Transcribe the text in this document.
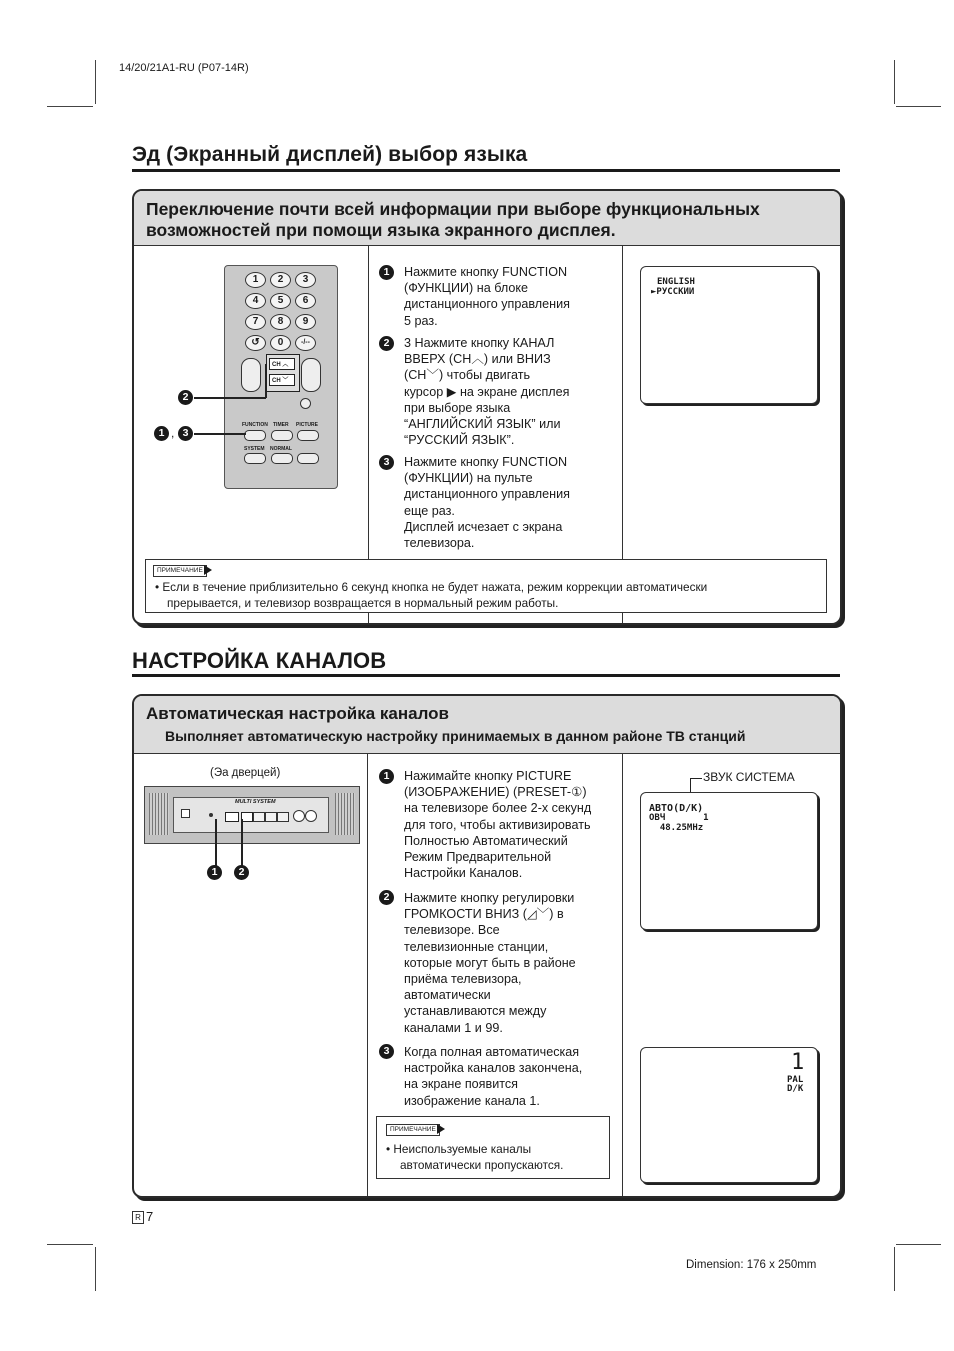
14/20/21A1-RU (P07-14R)
Эд (Экранный дисплей) выбор языка
Переключение почти всей информации при выборе функциональных
возможностей при помощи языка экранного дисплея.
1	2	3
4	5	6
7	8	9
↺	0	-/--
CH ︿
CH ﹀
FUNCTION TIMER PICTURE
SYSTEM NORMAL
2
1 , 3
1	Нажмите кнопку FUNCTION
(ФУНКЦИИ) на блоке
дистанционного управления
5 раз.
2	3 Нажмите кнопку КАНАЛ
ВВЕРХ (CH︿) или ВНИЗ
(CH﹀) чтобы двигать
курсор ▶ на экране дисплея
при выборе языка
“АНГЛИЙСКИЙ ЯЗЫК” или
“РУССКИЙ ЯЗЫК”.
3	Нажмите кнопку FUNCTION
(ФУНКЦИИ) на пульте
дистанционного управления
еще раз.
Дисплей исчезает с экрана
телевизора.
ENGLISH
►РУССКИИ
ПРИМЕЧАНИЕ
• Если в течение приблизительно 6 секунд кнопка не будет нажата, режим коррекции автоматически
прерывается, и телевизор возвращается в нормальный режим работы.
НАСТРОЙКА КАНАЛОВ
Автоматическая настройка каналов
Выполняет автоматическую настройку принимаемых в данном районе ТВ станций
(Эа дверцей)
MULTI SYSTEM
1	2
1	Нажимайте кнопку PICTURE
(ИЗОБРАЖЕНИЕ) (PRESET-①)
на телевизоре более 2-х секунд
для того, чтобы активизировать
Полностью Автоматический
Режим Предварительной
Настройки Каналов.
2	Нажмите кнопку регулировки
ГРОМКОСТИ ВНИЗ (◿﹀) в
телевизоре. Все
телевизионные станции,
которые могут быть в районе
приёма телевизора,
автоматически
устанавливаются между
каналами 1 и 99.
3	Когда полная автоматическая
настройка каналов закончена,
на экране появится
изображение канала 1.
ПРИМЕЧАНИЕ
• Неиспользуемые каналы
автоматически пропускаются.
ЗВУК СИСТЕМА
АВТО(D/K)
ОВЧ       1
48.25MHz
1
PAL
D/K
R 7
Dimension: 176 x 250mm
